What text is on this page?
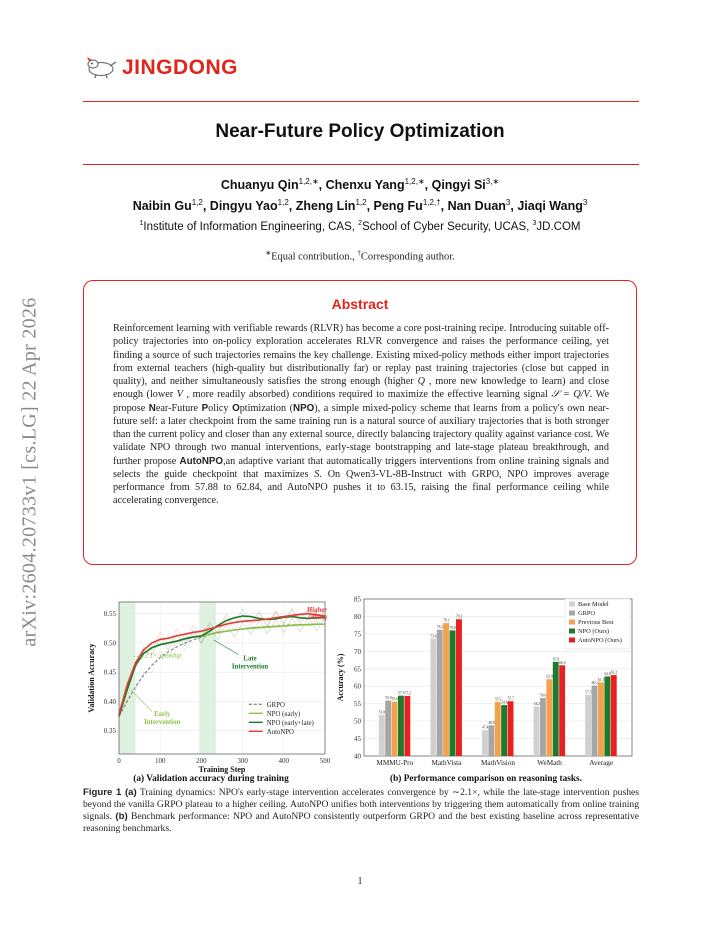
arXiv:2604.20733v1 [cs.LG] 22 Apr 2026
JINGDONG
Near-Future Policy Optimization
Chuanyu Qin$^{1,2,∗}$, Chenxu Yang$^{1,2,∗}$, Qingyi $Si^{3,∗}$
Naibin Gu$^{1,2}$, Dingyu Yao$^{1,2}$, Zheng Lin$^{1,2}$, Peng $Fu^{1,2,\dagger}$, Nan Duan$^3$, Jiaqi Wang$^3$
$^1$Institute of Information Engineering, CAS, $^2$School of Cyber Security, UCAS, $^3$JD.COM
∗Equal contribution., †Corresponding author.
Abstract
Reinforcement learning with verifiable rewards (RLVR) has become a core post-training recipe. Introducing suitable off-policy trajectories into on-policy exploration accelerates RLVR convergence and raises the performance ceiling, yet finding a source of such trajectories remains the key challenge. Existing mixed-policy methods either import trajectories from external teachers (high-quality but distributionally far) or replay past training trajectories (close but capped in quality), and neither simultaneously satisfies the strong enough (higher Q , more new knowledge to learn) and close enough (lower V , more readily absorbed) conditions required to maximize the effective learning signal 𝒮 = Q/V. We propose Near-Future Policy Optimization (NPO), a simple mixed-policy scheme that learns from a policy's own near-future self: a later checkpoint from the same training run is a natural source of auxiliary trajectories that is both stronger than the current policy and closer than any external source, directly balancing trajectory quality against variance cost. We validate NPO through two manual interventions, early-stage bootstrapping and late-stage plateau breakthrough, and further propose AutoNPO,an adaptive variant that automatically triggers interventions from online training signals and selects the guide checkpoint that maximizes S. On Qwen3-VL-8B-Instruct with GRPO, NPO improves average performance from 57.88 to 62.84, and AutoNPO pushes it to 63.15, raising the final performance ceiling while accelerating convergence.
0.35
0.40
0.45
0.50
0.55
0	100	200	300	400	500
2.1× speedup
Early
Intervention
Late
Intervention
Higher
ceiling
GRPO
NPO (early)
NPO (early+late)
AutoNPO
Training Step
Validation Accuracy
40
45
50
55
60
65
70
75
80
85
51.8
55.9 55.6
57.3 57.2
MMMU-Pro
73.6
76.2
78.1
76.0
79.2
MathVista
47.4
48.8
55.5
54.6
55.7
MathVision
54.2
56.6
62.0
67.0
66.0
WeMath
57.5
60.2
61.1
62.8 63.2
Average
Base Model
GRPO
Previous Best
NPO (Ours)
AutoNPO (Ours)
Accuracy (%)
(a) Validation accuracy during training	(b) Performance comparison on reasoning tasks.
Figure 1 (a) Training dynamics: NPO's early-stage intervention accelerates convergence by ∼2.1×, while the late-stage intervention pushes beyond the vanilla GRPO plateau to a higher ceiling. AutoNPO unifies both interventions by triggering them automatically from online training signals. (b) Benchmark performance: NPO and AutoNPO consistently outperform GRPO and the best existing baseline across representative reasoning benchmarks.
1
